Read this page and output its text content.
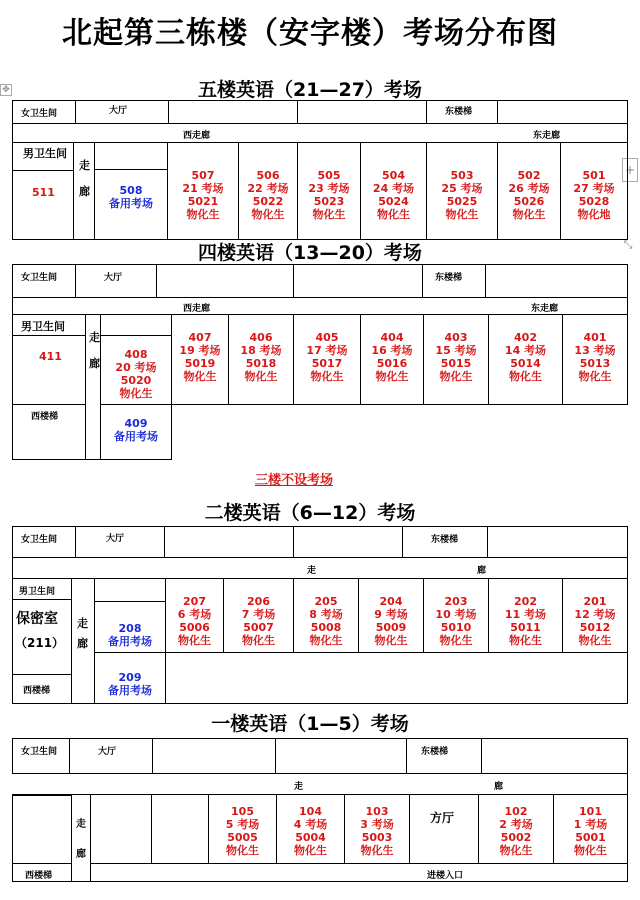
北起第三栋楼（安字楼）考场分布图
✥
+
⤡
五楼英语（21—27）考场
女卫生间	大厅	东楼梯
西走廊	东走廊
男卫生间
511
走
廊	508
备用考场
507
21 考场
5021
物化生
506
22 考场
5022
物化生
505
23 考场
5023
物化生
504
24 考场
5024
物化生
503
25 考场
5025
物化生
502
26 考场
5026
物化生
501
27 考场
5028
物化地
四楼英语（13—20）考场
女卫生间	大厅	东楼梯
西走廊	东走廊
男卫生间
411
西楼梯
走
廊
408
20 考场
5020
物化生
409
备用考场
407
19 考场
5019
物化生
406
18 考场
5018
物化生
405
17 考场
5017
物化生
404
16 考场
5016
物化生
403
15 考场
5015
物化生
402
14 考场
5014
物化生
401
13 考场
5013
物化生
三楼不设考场
二楼英语（6—12）考场
女卫生间	大厅	东楼梯
走	廊
男卫生间
保密室
（211）
西楼梯
走
廊
208
备用考场
209
备用考场
207
6 考场
5006
物化生
206
7 考场
5007
物化生
205
8 考场
5008
物化生
204
9 考场
5009
物化生
203
10 考场
5010
物化生
202
11 考场
5011
物化生
201
12 考场
5012
物化生
一楼英语（1—5）考场
女卫生间	大厅	东楼梯
走	廊
西楼梯
走
廊
105
5 考场
5005
物化生
104
4 考场
5004
物化生
103
3 考场
5003
物化生
方厅	102
2 考场
5002
物化生
101
1 考场
5001
物化生
进楼入口
